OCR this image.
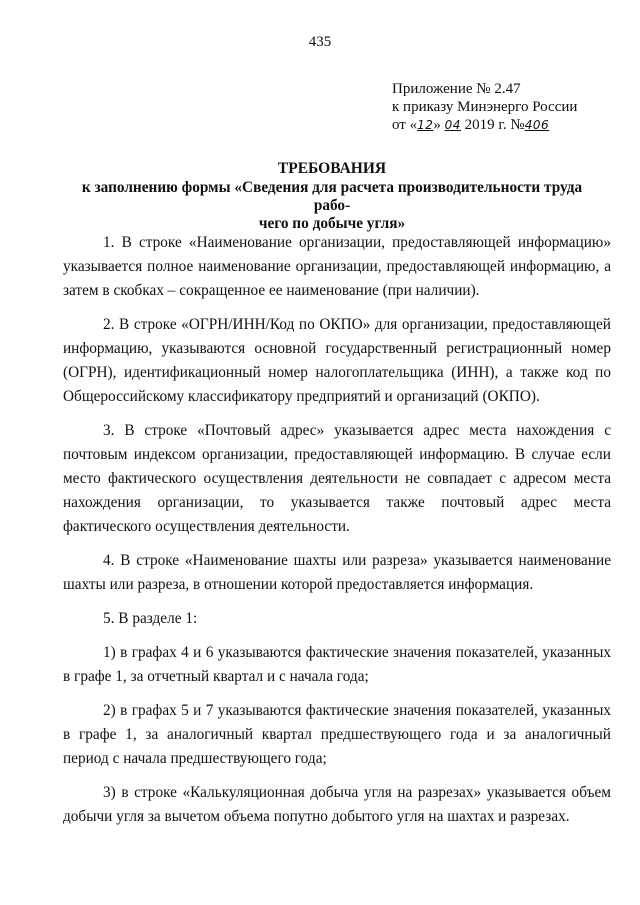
435
Приложение № 2.47
к приказу Минэнерго России
от «12» 04 2019 г. №406
ТРЕБОВАНИЯ
к заполнению формы «Сведения для расчета производительности труда рабо-
чего по добыче угля»

1. В строке «Наименование организации, предоставляющей информацию» указывается полное наименование организации, предоставляющей информацию, а затем в скобках – сокращенное ее наименование (при наличии).

2. В строке «ОГРН/ИНН/Код по ОКПО» для организации, предоставляющей информацию, указываются основной государственный регистрационный номер (ОГРН), идентификационный номер налогоплательщика (ИНН), а также код по Общероссийскому классификатору предприятий и организаций (ОКПО).

3. В строке «Почтовый адрес» указывается адрес места нахождения с почтовым индексом организации, предоставляющей информацию. В случае если место фактического осуществления деятельности не совпадает с адресом места нахождения организации, то указывается также почтовый адрес места фактического осуществления деятельности.

4. В строке «Наименование шахты или разреза» указывается наименование шахты или разреза, в отношении которой предоставляется информация.

5. В разделе 1:

1) в графах 4 и 6 указываются фактические значения показателей, указанных в графе 1, за отчетный квартал и с начала года;

2) в графах 5 и 7 указываются фактические значения показателей, указанных в графе 1, за аналогичный квартал предшествующего года и за аналогичный период с начала предшествующего года;

3) в строке «Калькуляционная добыча угля на разрезах» указывается объем добычи угля за вычетом объема попутно добытого угля на шахтах и разрезах.
